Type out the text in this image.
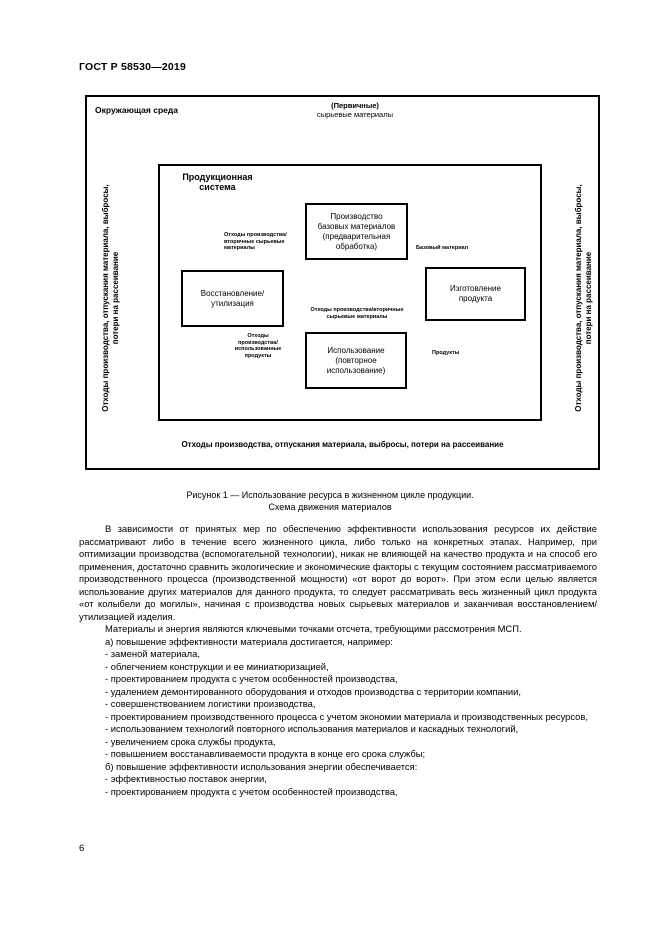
ГОСТ Р 58530—2019
Окружающая среда	(Первичные)
сырьевые материалы
Продукционная
система
Производство
базовых материалов
(предварительная
обработка)
Изготовление
продукта
Восстановление/
утилизация
Использование
(повторное
использование)
Отходы производства/
вторичные сырьевые
материалы	Базовый материал
Отходы производства/вторичные
сырьевые материалы
Отходы
производства/
использованные
продукты	Продукты
Отходы производства, отпускания материала, выбросы, потери на рассеивание	Отходы производства, отпускания материала, выбросы, потери на рассеивание
Отходы производства, отпускания материала, выбросы, потери на рассеивание
Рисунок 1 — Использование ресурса в жизненном цикле продукции.
Схема движения материалов

В зависимости от принятых мер по обеспечению эффективности использования ресурсов их действие рассматривают либо в течение всего жизненного цикла, либо только на конкретных этапах. Например, при оптимизации производства (вспомогательной технологии), никак не влияющей на качество продукта и на способ его применения, достаточно сравнить экологические и экономические факторы с текущим состоянием рассматриваемого производственного процесса (производственной мощности) «от ворот до ворот». При этом если целью является использование других материалов для данного продукта, то следует рассматривать весь жизненный цикл продукта «от колыбели до могилы», начиная с производства новых сырьевых материалов и заканчивая восстановлением/утилизацией изделия.

Материалы и энергия являются ключевыми точками отсчета, требующими рассмотрения МСП.

а) повышение эффективности материала достигается, например:

- заменой материала,

- облегчением конструкции и ее миниатюризацией,

- проектированием продукта с учетом особенностей производства,

- удалением демонтированного оборудования и отходов производства с территории компании,

- совершенствованием логистики производства,

- проектированием производственного процесса с учетом экономии материала и производственных ресурсов,

- использованием технологий повторного использования материалов и каскадных технологий,

- увеличением срока службы продукта,

- повышением восстанавливаемости продукта в конце его срока службы;

б) повышение эффективности использования энергии обеспечивается:

- эффективностью поставок энергии,

- проектированием продукта с учетом особенностей производства,

6
